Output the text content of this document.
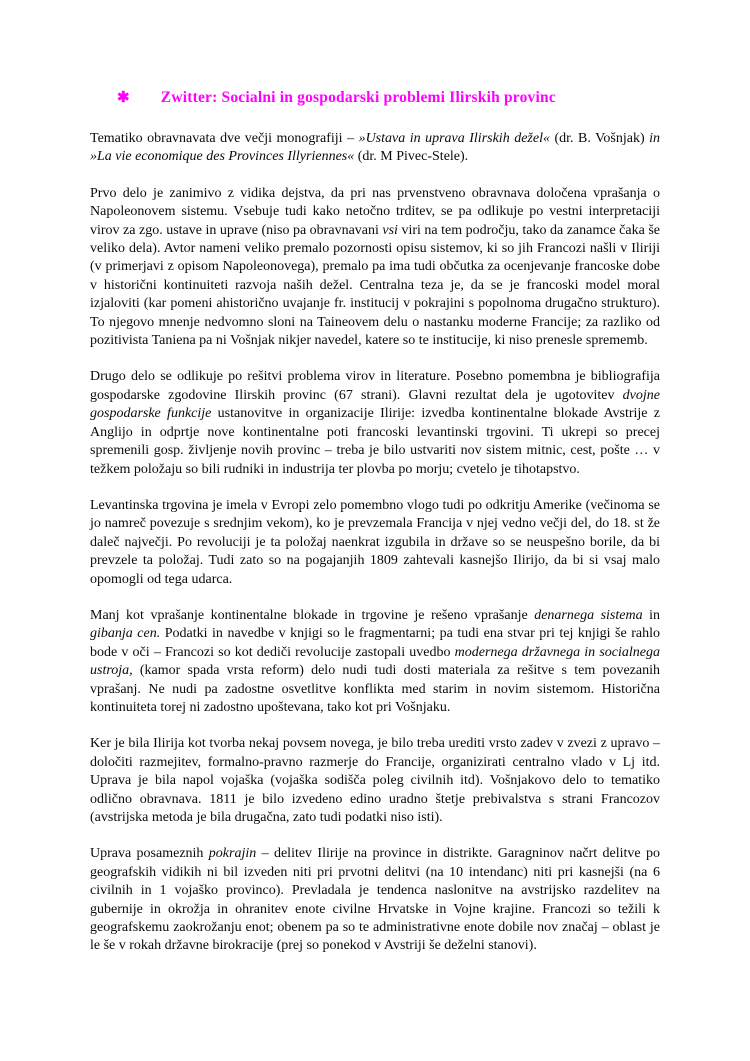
✱ Zwitter: Socialni in gospodarski problemi Ilirskih provinc

Tematiko obravnavata dve večji monografiji – »Ustava in uprava Ilirskih dežel« (dr. B. Vošnjak) in »La vie economique des Provinces Illyriennes« (dr. M Pivec-Stele).

Prvo delo je zanimivo z vidika dejstva, da pri nas prvenstveno obravnava določena vprašanja o Napoleonovem sistemu. Vsebuje tudi kako netočno trditev, se pa odlikuje po vestni interpretaciji virov za zgo. ustave in uprave (niso pa obravnavani vsi viri na tem področju, tako da zanamce čaka še veliko dela). Avtor nameni veliko premalo pozornosti opisu sistemov, ki so jih Francozi našli v Iliriji (v primerjavi z opisom Napoleonovega), premalo pa ima tudi občutka za ocenjevanje francoske dobe v historični kontinuiteti razvoja naših dežel. Centralna teza je, da se je francoski model moral izjaloviti (kar pomeni ahistorično uvajanje fr. institucij v pokrajini s popolnoma drugačno strukturo). To njegovo mnenje nedvomno sloni na Taineovem delu o nastanku moderne Francije; za razliko od pozitivista Taniena pa ni Vošnjak nikjer navedel, katere so te institucije, ki niso prenesle sprememb.

Drugo delo se odlikuje po rešitvi problema virov in literature. Posebno pomembna je bibliografija gospodarske zgodovine Ilirskih provinc (67 strani). Glavni rezultat dela je ugotovitev dvojne gospodarske funkcije ustanovitve in organizacije Ilirije: izvedba kontinentalne blokade Avstrije z Anglijo in odprtje nove kontinentalne poti francoski levantinski trgovini. Ti ukrepi so precej spremenili gosp. življenje novih provinc – treba je bilo ustvariti nov sistem mitnic, cest, pošte … v težkem položaju so bili rudniki in industrija ter plovba po morju; cvetelo je tihotapstvo.

Levantinska trgovina je imela v Evropi zelo pomembno vlogo tudi po odkritju Amerike (večinoma se jo namreč povezuje s srednjim vekom), ko je prevzemala Francija v njej vedno večji del, do 18. st že daleč največji. Po revoluciji je ta položaj naenkrat izgubila in države so se neuspešno borile, da bi prevzele ta položaj. Tudi zato so na pogajanjih 1809 zahtevali kasnejšo Ilirijo, da bi si vsaj malo opomogli od tega udarca.

Manj kot vprašanje kontinentalne blokade in trgovine je rešeno vprašanje denarnega sistema in gibanja cen. Podatki in navedbe v knjigi so le fragmentarni; pa tudi ena stvar pri tej knjigi še rahlo bode v oči – Francozi so kot dediči revolucije zastopali uvedbo modernega državnega in socialnega ustroja, (kamor spada vrsta reform) delo nudi tudi dosti materiala za rešitve s tem povezanih vprašanj. Ne nudi pa zadostne osvetlitve konflikta med starim in novim sistemom. Historična kontinuiteta torej ni zadostno upoštevana, tako kot pri Vošnjaku.

Ker je bila Ilirija kot tvorba nekaj povsem novega, je bilo treba urediti vrsto zadev v zvezi z upravo – določiti razmejitev, formalno-pravno razmerje do Francije, organizirati centralno vlado v Lj itd. Uprava je bila napol vojaška (vojaška sodišča poleg civilnih itd). Vošnjakovo delo to tematiko odlično obravnava. 1811 je bilo izvedeno edino uradno štetje prebivalstva s strani Francozov (avstrijska metoda je bila drugačna, zato tudi podatki niso isti).

Uprava posameznih pokrajin – delitev Ilirije na province in distrikte. Garagninov načrt delitve po geografskih vidikih ni bil izveden niti pri prvotni delitvi (na 10 intendanc) niti pri kasnejši (na 6 civilnih in 1 vojaško provinco). Prevladala je tendenca naslonitve na avstrijsko razdelitev na gubernije in okrožja in ohranitev enote civilne Hrvatske in Vojne krajine. Francozi so težili k geografskemu zaokrožanju enot; obenem pa so te administrativne enote dobile nov značaj – oblast je le še v rokah državne birokracije (prej so ponekod v Avstriji še deželni stanovi).
